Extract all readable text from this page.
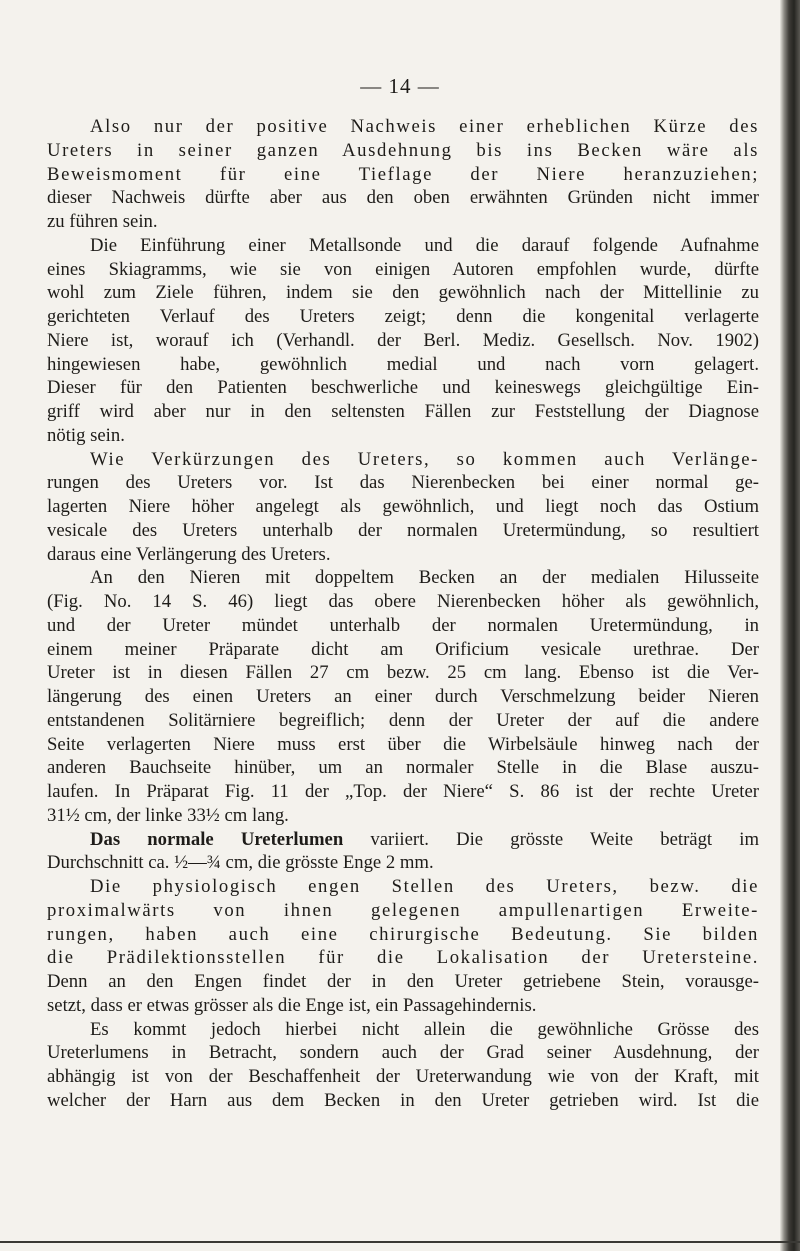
— 14 —
Also nur der positive Nachweis einer erheblichen Kürze des
Ureters in seiner ganzen Ausdehnung bis ins Becken wäre als
Beweismoment für eine Tieflage der Niere heranzuziehen;
dieser Nachweis dürfte aber aus den oben erwähnten Gründen nicht immer
zu führen sein.
Die Einführung einer Metallsonde und die darauf folgende Aufnahme
eines Skiagramms, wie sie von einigen Autoren empfohlen wurde, dürfte
wohl zum Ziele führen, indem sie den gewöhnlich nach der Mittellinie zu
gerichteten Verlauf des Ureters zeigt; denn die kongenital verlagerte
Niere ist, worauf ich (Verhandl. der Berl. Mediz. Gesellsch. Nov. 1902)
hingewiesen habe, gewöhnlich medial und nach vorn gelagert.
Dieser für den Patienten beschwerliche und keineswegs gleichgültige Ein-
griff wird aber nur in den seltensten Fällen zur Feststellung der Diagnose
nötig sein.
Wie Verkürzungen des Ureters, so kommen auch Verlänge-
rungen des Ureters vor. Ist das Nierenbecken bei einer normal ge-
lagerten Niere höher angelegt als gewöhnlich, und liegt noch das Ostium
vesicale des Ureters unterhalb der normalen Uretermündung, so resultiert
daraus eine Verlängerung des Ureters.
An den Nieren mit doppeltem Becken an der medialen Hilusseite
(Fig. No. 14 S. 46) liegt das obere Nierenbecken höher als gewöhnlich,
und der Ureter mündet unterhalb der normalen Uretermündung, in
einem meiner Präparate dicht am Orificium vesicale urethrae. Der
Ureter ist in diesen Fällen 27 cm bezw. 25 cm lang. Ebenso ist die Ver-
längerung des einen Ureters an einer durch Verschmelzung beider Nieren
entstandenen Solitärniere begreiflich; denn der Ureter der auf die andere
Seite verlagerten Niere muss erst über die Wirbelsäule hinweg nach der
anderen Bauchseite hinüber, um an normaler Stelle in die Blase auszu-
laufen. In Präparat Fig. 11 der „Top. der Niere“ S. 86 ist der rechte Ureter
31½ cm, der linke 33½ cm lang.
Das normale Ureterlumen variiert. Die grösste Weite beträgt im
Durchschnitt ca. ½—¾ cm, die grösste Enge 2 mm.
Die physiologisch engen Stellen des Ureters, bezw. die
proximalwärts von ihnen gelegenen ampullenartigen Erweite-
rungen, haben auch eine chirurgische Bedeutung. Sie bilden
die Prädilektionsstellen für die Lokalisation der Uretersteine.
Denn an den Engen findet der in den Ureter getriebene Stein, vorausge-
setzt, dass er etwas grösser als die Enge ist, ein Passagehindernis.
Es kommt jedoch hierbei nicht allein die gewöhnliche Grösse des
Ureterlumens in Betracht, sondern auch der Grad seiner Ausdehnung, der
abhängig ist von der Beschaffenheit der Ureterwandung wie von der Kraft, mit
welcher der Harn aus dem Becken in den Ureter getrieben wird. Ist die
